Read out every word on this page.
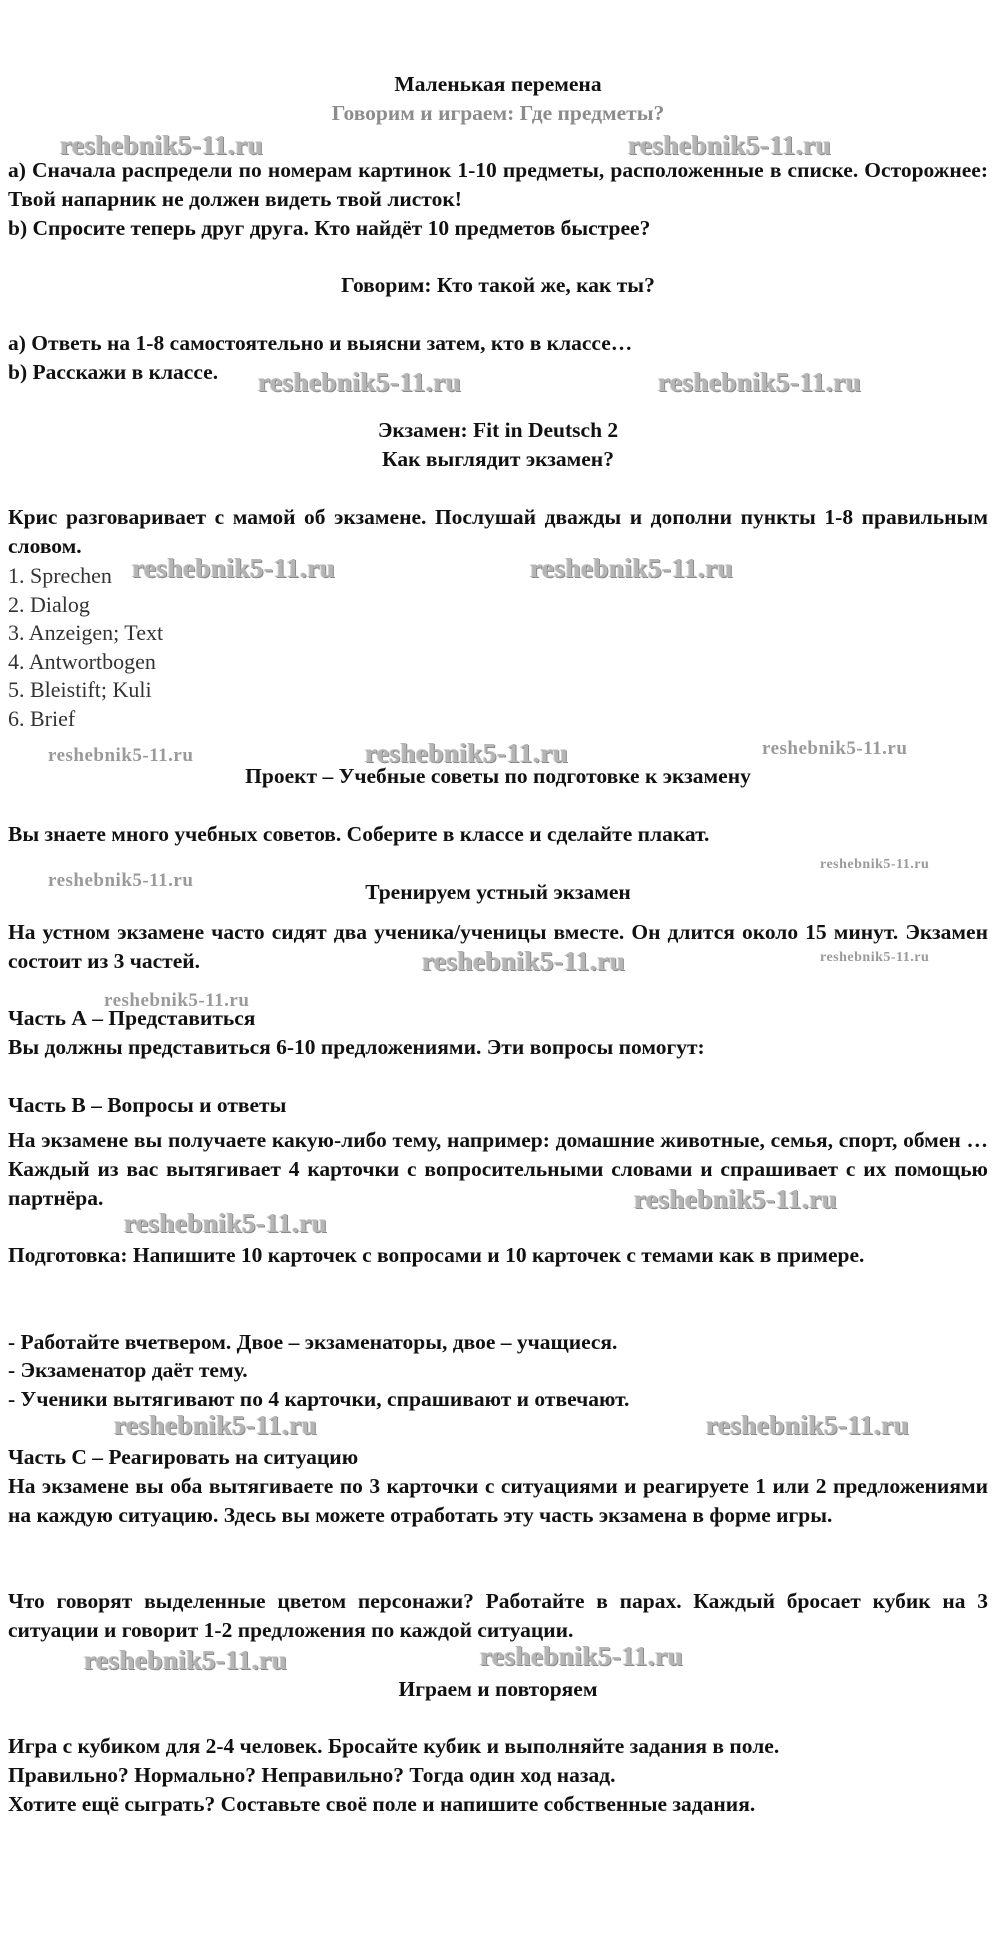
Маленькая перемена
Говорим и играем: Где предметы?
a) Сначала распредели по номерам картинок 1-10 предметы, расположенные в списке. Осторожнее: Твой напарник не должен видеть твой листок!
b) Спросите теперь друг друга. Кто найдёт 10 предметов быстрее?
Говорим: Кто такой же, как ты?
a) Ответь на 1-8 самостоятельно и выясни затем, кто в классе…
b) Расскажи в классе.
Экзамен: Fit in Deutsch 2
Как выглядит экзамен?
Крис разговаривает с мамой об экзамене. Послушай дважды и дополни пункты 1-8 правильным словом.
1. Sprechen
2. Dialog
3. Anzeigen; Text
4. Antwortbogen
5. Bleistift; Kuli
6. Brief
Проект – Учебные советы по подготовке к экзамену
Вы знаете много учебных советов. Соберите в классе и сделайте плакат.
Тренируем устный экзамен
На устном экзамене часто сидят два ученика/ученицы вместе. Он длится около 15 минут. Экзамен состоит из 3 частей.
Часть А – Представиться
Вы должны представиться 6-10 предложениями. Эти вопросы помогут:
Часть В – Вопросы и ответы
На экзамене вы получаете какую-либо тему, например: домашние животные, семья, спорт, обмен … Каждый из вас вытягивает 4 карточки с вопросительными словами и спрашивает с их помощью партнёра.
Подготовка: Напишите 10 карточек с вопросами и 10 карточек с темами как в примере.
- Работайте вчетвером. Двое – экзаменаторы, двое – учащиеся.
- Экзаменатор даёт тему.
- Ученики вытягивают по 4 карточки, спрашивают и отвечают.
Часть С – Реагировать на ситуацию
На экзамене вы оба вытягиваете по 3 карточки с ситуациями и реагируете 1 или 2 предложениями на каждую ситуацию. Здесь вы можете отработать эту часть экзамена в форме игры.
Что говорят выделенные цветом персонажи? Работайте в парах. Каждый бросает кубик на 3 ситуации и говорит 1-2 предложения по каждой ситуации.
Играем и повторяем
Игра с кубиком для 2-4 человек. Бросайте кубик и выполняйте задания в поле.
Правильно? Нормально? Неправильно? Тогда один ход назад.
Хотите ещё сыграть? Составьте своё поле и напишите собственные задания.
reshebnik5-11.ru	reshebnik5-11.ru
reshebnik5-11.ru	reshebnik5-11.ru
reshebnik5-11.ru	reshebnik5-11.ru
reshebnik5-11.ru	reshebnik5-11.ru	reshebnik5-11.ru
reshebnik5-11.ru
reshebnik5-11.ru
reshebnik5-11.ru	reshebnik5-11.ru
reshebnik5-11.ru
reshebnik5-11.ru
reshebnik5-11.ru
reshebnik5-11.ru	reshebnik5-11.ru
reshebnik5-11.ru	reshebnik5-11.ru
